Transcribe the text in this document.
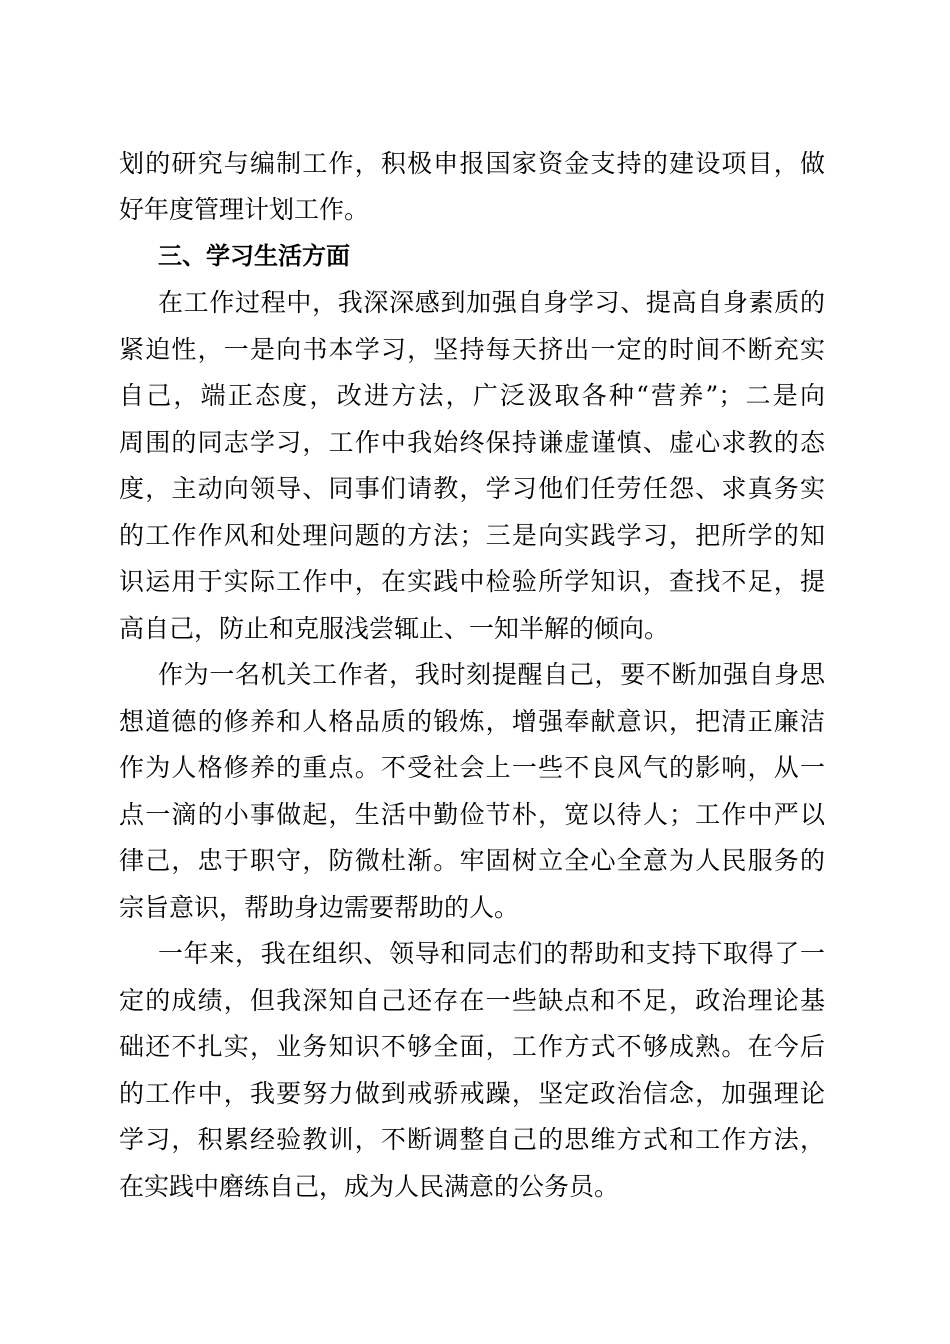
划的研究与编制工作，积极申报国家资金支持的建设项目，做
好年度管理计划工作。
三、学习生活方面
在工作过程中，我深深感到加强自身学习、提高自身素质的
紧迫性，一是向书本学习，坚持每天挤出一定的时间不断充实
自己，端正态度，改进方法，广泛汲取各种“营养”；二是向
周围的同志学习，工作中我始终保持谦虚谨慎、虚心求教的态
度，主动向领导、同事们请教，学习他们任劳任怨、求真务实
的工作作风和处理问题的方法；三是向实践学习，把所学的知
识运用于实际工作中，在实践中检验所学知识，查找不足，提
高自己，防止和克服浅尝辄止、一知半解的倾向。
作为一名机关工作者，我时刻提醒自己，要不断加强自身思
想道德的修养和人格品质的锻炼，增强奉献意识，把清正廉洁
作为人格修养的重点。不受社会上一些不良风气的影响，从一
点一滴的小事做起，生活中勤俭节朴，宽以待人；工作中严以
律己，忠于职守，防微杜渐。牢固树立全心全意为人民服务的
宗旨意识，帮助身边需要帮助的人。
一年来，我在组织、领导和同志们的帮助和支持下取得了一
定的成绩，但我深知自己还存在一些缺点和不足，政治理论基
础还不扎实，业务知识不够全面，工作方式不够成熟。在今后
的工作中，我要努力做到戒骄戒躁，坚定政治信念，加强理论
学习，积累经验教训，不断调整自己的思维方式和工作方法，
在实践中磨练自己，成为人民满意的公务员。
